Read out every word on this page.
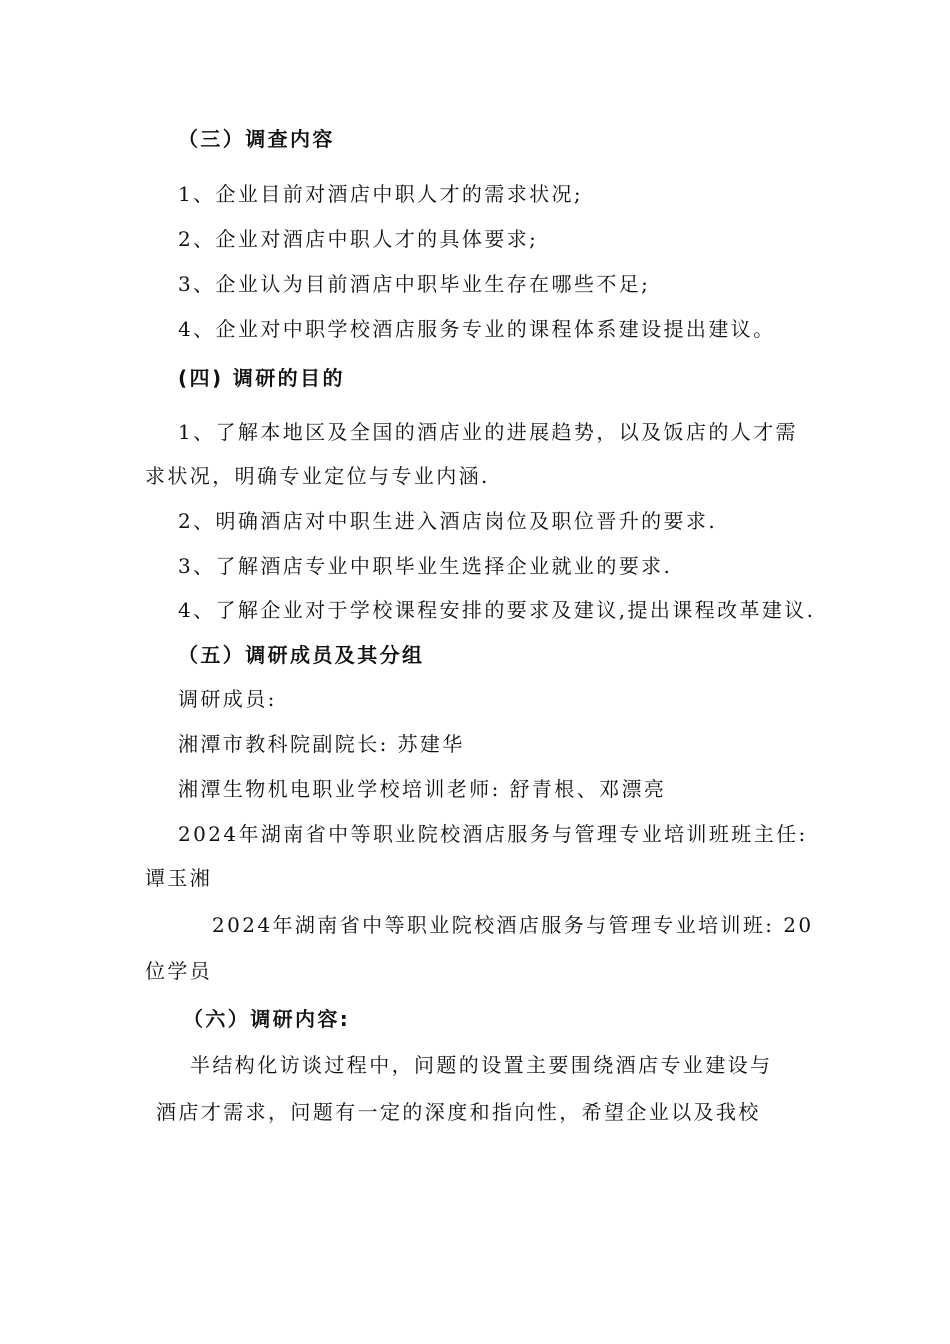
（三）调查内容
1、企业目前对酒店中职人才的需求状况;
2、企业对酒店中职人才的具体要求;
3、企业认为目前酒店中职毕业生存在哪些不足;
4、企业对中职学校酒店服务专业的课程体系建设提出建议。
(四) 调研的目的
1、了解本地区及全国的酒店业的进展趋势，以及饭店的人才需
求状况，明确专业定位与专业内涵.
2、明确酒店对中职生进入酒店岗位及职位晋升的要求.
3、了解酒店专业中职毕业生选择企业就业的要求.
4、了解企业对于学校课程安排的要求及建议,提出课程改革建议.
（五）调研成员及其分组
调研成员:
湘潭市教科院副院长: 苏建华
湘潭生物机电职业学校培训老师: 舒青根、邓漂亮
2024年湖南省中等职业院校酒店服务与管理专业培训班班主任:
谭玉湘
2024年湖南省中等职业院校酒店服务与管理专业培训班: 20
位学员
（六）调研内容:
半结构化访谈过程中，问题的设置主要围绕酒店专业建设与
酒店才需求，问题有一定的深度和指向性，希望企业以及我校
